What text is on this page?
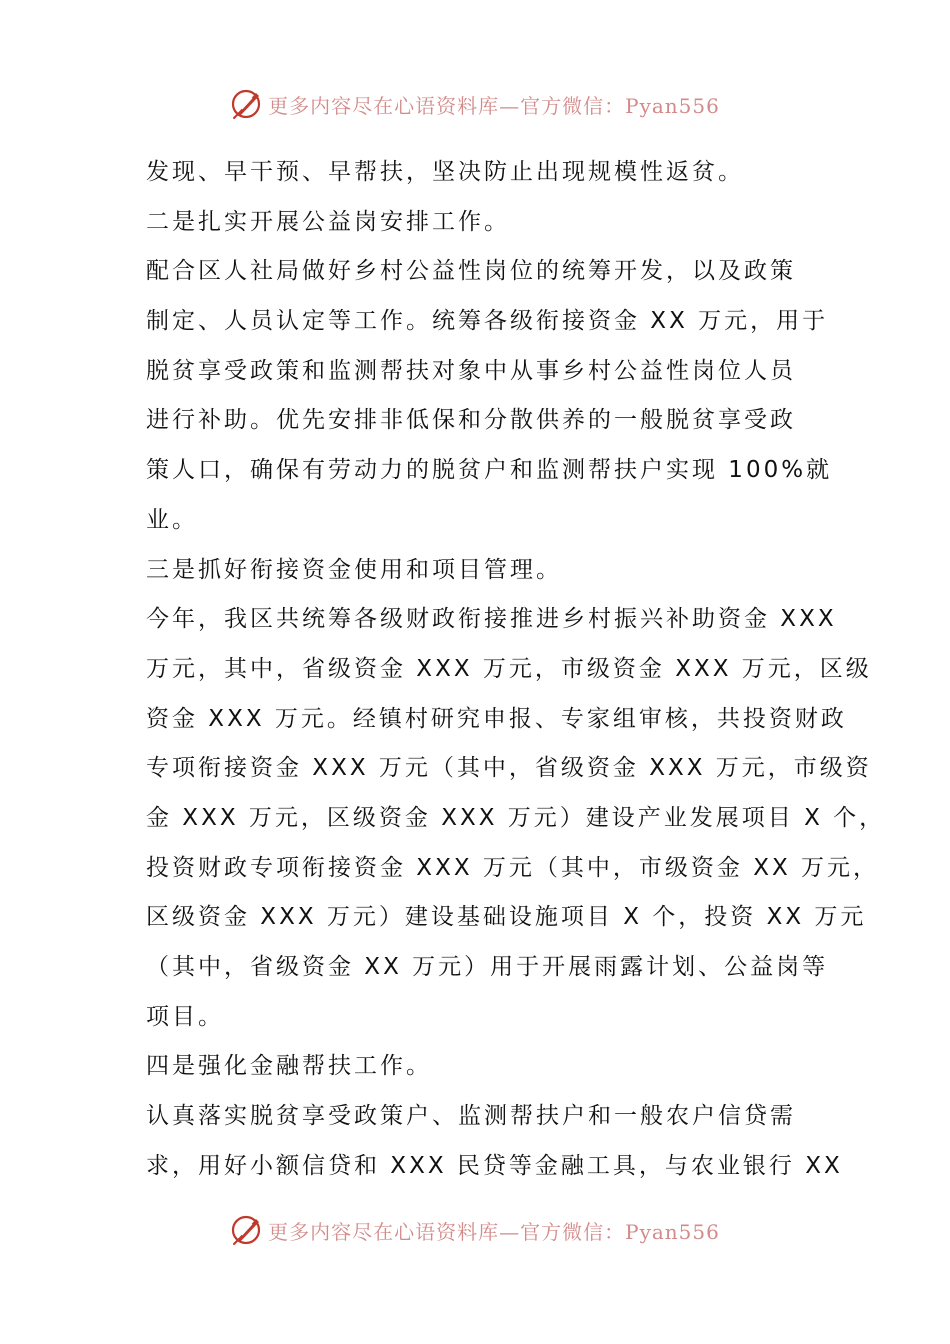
更多内容尽在心语资料库—官方微信：Pyan556
发现、早干预、早帮扶，坚决防止出现规模性返贫。
二是扎实开展公益岗安排工作。
配合区人社局做好乡村公益性岗位的统筹开发，以及政策
制定、人员认定等工作。统筹各级衔接资金 XX 万元，用于
脱贫享受政策和监测帮扶对象中从事乡村公益性岗位人员
进行补助。优先安排非低保和分散供养的一般脱贫享受政
策人口，确保有劳动力的脱贫户和监测帮扶户实现 100%就
业。
三是抓好衔接资金使用和项目管理。
今年，我区共统筹各级财政衔接推进乡村振兴补助资金 XXX
万元，其中，省级资金 XXX 万元，市级资金 XXX 万元，区级
资金 XXX 万元。经镇村研究申报、专家组审核，共投资财政
专项衔接资金 XXX 万元（其中，省级资金 XXX 万元，市级资
金 XXX 万元，区级资金 XXX 万元）建设产业发展项目 X 个，
投资财政专项衔接资金 XXX 万元（其中，市级资金 XX 万元，
区级资金 XXX 万元）建设基础设施项目 X 个，投资 XX 万元
（其中，省级资金 XX 万元）用于开展雨露计划、公益岗等
项目。
四是强化金融帮扶工作。
认真落实脱贫享受政策户、监测帮扶户和一般农户信贷需
求，用好小额信贷和 XXX 民贷等金融工具，与农业银行 XX
更多内容尽在心语资料库—官方微信：Pyan556
